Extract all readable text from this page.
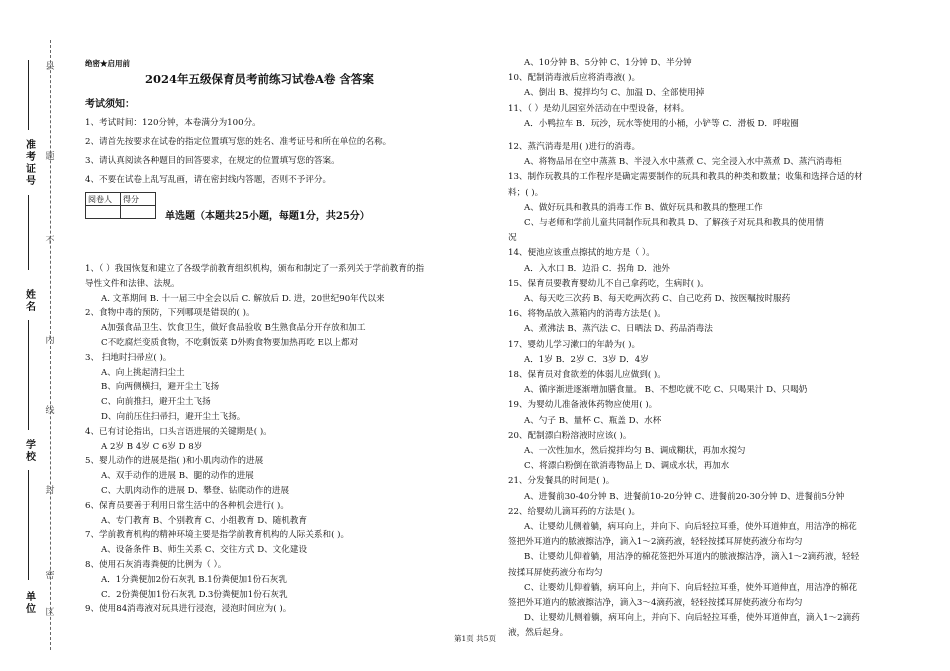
县
题
不
内
线
封
密
区
准考证号
姓名
学校
单位
绝密★启用前
2024年五级保育员考前练习试卷A卷 含答案
考试须知：
1、考试时间：120分钟，本卷满分为100分。
2、请首先按要求在试卷的指定位置填写您的姓名、准考证号和所在单位的名称。
3、请认真阅读各种题目的回答要求，在规定的位置填写您的答案。
4、不要在试卷上乱写乱画，请在密封线内答题，否则不予评分。
单选题（本题共25小题，每题1分，共25分）
1、（ ）我国恢复和建立了各级学前教育组织机构，颁布和制定了一系列关于学前教育的指
导性文件和法律、法规。
A. 文革期间 B. 十一届三中全会以后 C. 解放后 D. 进，20世纪90年代以来
2、食物中毒的预防，下列哪项是错误的( )。
A加强食品卫生、饮食卫生，做好食品验收 B生熟食品分开存放和加工
C不吃腐烂变质食物，不吃剩饭菜 D外购食物要加热再吃 E以上都对
3、 扫地时扫帚应( )。
A、向上挑起清扫尘土
B、向两侧横扫，避开尘土飞扬
C、向前推扫，避开尘土飞扬
D、向前压住扫帚扫，避开尘土飞扬。
4、已有讨论指出，口头言语进展的关键期是( )。
A 2岁 B 4岁 C 6岁 D 8岁
5、婴儿动作的进展是指( )和小肌肉动作的进展
A、双手动作的进展 B、腿的动作的进展
C、大肌肉动作的进展 D、攀登、钻爬动作的进展
6、保育员要善于利用日常生活中的各种机会进行( )。
A、专门教育 B、个别教育 C、小组教育 D、随机教育
7、学前教育机构的精神环境主要是指学前教育机构的人际关系和( )。
A、设备条件 B、师生关系 C、交往方式 D、文化建设
8、使用石灰消毒粪便的比例为（ ）。
A．1分粪便加2份石灰乳 B.1份粪便加1份石灰乳
C．2份粪便加1份石灰乳 D.3份粪便加1份石灰乳
9、使用84消毒液对玩具进行浸泡，浸泡时间应为( )。
阅卷人	得分

A、10分钟 B、5分钟 C、1分钟 D、半分钟
10、配制消毒液后应将消毒液( )。
A、倒出 B、搅拌均匀 C、加温 D、全部使用掉
11、（ ）是幼儿园室外活动在中型设备，材料。
A．小鸭拉车 B．玩沙，玩水等使用的小桶，小铲等 C．滑板 D．呼啦圈
12、蒸汽消毒是用( )进行的消毒。
A、将物品吊在空中蒸蒸 B、半浸入水中蒸煮 C、完全浸入水中蒸煮 D、蒸汽消毒柜
13、制作玩教具的工作程序是确定需要制作的玩具和教具的种类和数量；收集和选择合适的材
料；( )。
A、做好玩具和教具的消毒工作 B、做好玩具和教具的整理工作
C、与老师和学前儿童共同制作玩具和教具 D、了解孩子对玩具和教具的使用情
况
14、便池应该重点擦拭的地方是（ ）。
A．入水口 B．边沿 C．拐角 D．池外
15、保育员要教育婴幼儿不自己拿药吃，生病时( )。
A、每天吃三次药 B、每天吃两次药 C、自己吃药 D、按医嘱按时服药
16、将物品放入蒸箱内的消毒方法是( )。
A、煮沸法 B、蒸汽法 C、日晒法 D、药品消毒法
17、婴幼儿学习漱口的年龄为( )。
A．1岁 B．2岁 C．3岁 D．4岁
18、保育员对食欲差的体弱儿应做到( )。
A、循序渐进逐渐增加膳食量。 B、不想吃就不吃 C、只喝果汁 D、只喝奶
19、为婴幼儿准备液体药物应使用( )。
A、勺子 B、量杯 C、瓶盖 D、水杯
20、配制漂白粉溶液时应该( )。
A、一次性加水，然后搅拌均匀 B、调成糊状，再加水搅匀
C、将漂白粉倒在欲消毒物品上 D、调成水状，再加水
21、分发餐具的时间是( )。
A、进餐前30-40分钟 B、进餐前10-20分钟 C、进餐前20-30分钟 D、进餐前5分钟
22、给婴幼儿滴耳药的方法是( )。
A、让婴幼儿侧着躺，病耳向上，并向下、向后轻拉耳垂，使外耳道伸直，用洁净的棉花
签把外耳道内的脓液擦洁净，滴入1～2滴药液，轻轻按揉耳屏使药液分布均匀
B、让婴幼儿仰着躺，用洁净的棉花签把外耳道内的脓液擦洁净，滴入1～2滴药液，轻轻
按揉耳屏使药液分布均匀
C、让婴幼儿仰着躺，病耳向上，并向下、向后轻拉耳垂，使外耳道伸直，用洁净的棉花
签把外耳道内的脓液擦洁净，滴入3～4滴药液，轻轻按揉耳屏使药液分布均匀
D、让婴幼儿侧着躺，病耳向上，并向下、向后轻拉耳垂，使外耳道伸直，滴入1～2滴药
液，然后起身。
第1页 共5页
